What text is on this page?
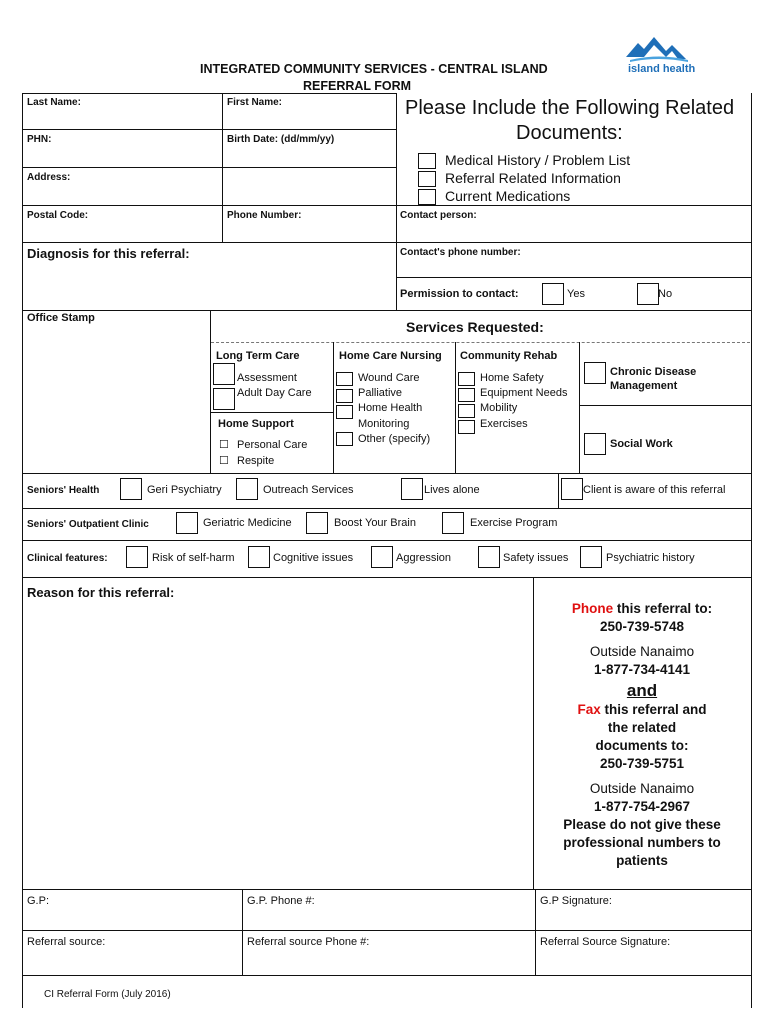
INTEGRATED COMMUNITY SERVICES - CENTRAL ISLAND
REFERRAL FORM
island health
Last Name:	First Name:
PHN:	Birth Date: (dd/mm/yy)
Address:
Postal Code:	Phone Number:	Contact person:
Contact's phone number:
Diagnosis for this referral:
Permission to contact:	Yes	No
Please Include the Following Related
Documents:
Medical History / Problem List
Referral Related Information
Current Medications
Office Stamp
Services Requested:
Long Term Care
Assessment
Adult Day Care
Home Support
☐ Personal Care
☐ Respite
Home Care Nursing
Wound Care
Palliative
Home Health
Monitoring
Other (specify)
Community Rehab
Home Safety
Equipment Needs
Mobility
Exercises
Chronic Disease
Management
Social Work
Seniors' Health	Geri Psychiatry	Outreach Services	Lives alone	Client is aware of this referral
Seniors' Outpatient Clinic	Geriatric Medicine	Boost Your Brain	Exercise Program
Clinical features:	Risk of self-harm	Cognitive issues	Aggression	Safety issues	Psychiatric history
Reason for this referral:
Phone this referral to:
250-739-5748
Outside Nanaimo
1-877-734-4141
and
Fax this referral and
the related
documents to:
250-739-5751
Outside Nanaimo
1-877-754-2967
Please do not give these
professional numbers to
patients
G.P:	G.P. Phone #:	G.P Signature:
Referral source:	Referral source Phone #:	Referral Source Signature:
CI Referral Form (July 2016)
